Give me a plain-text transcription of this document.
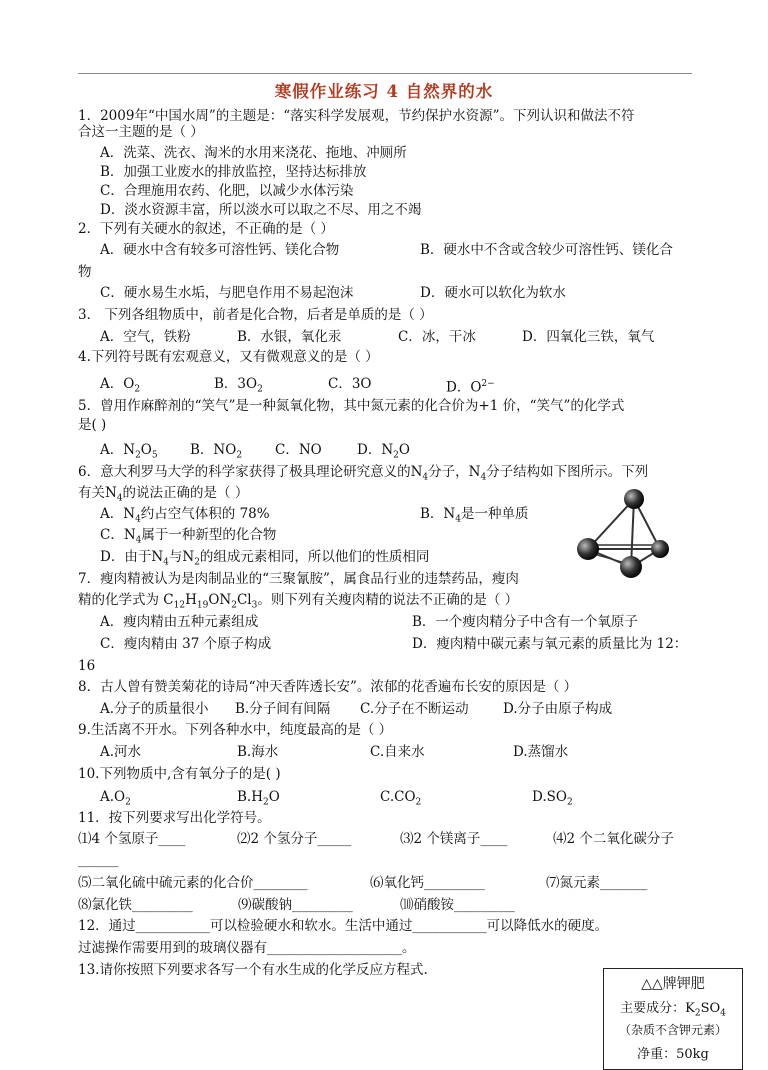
寒假作业练习 4 自然界的水
1．2009年“中国水周”的主题是：“落实科学发展观，节约保护水资源”。下列认识和做法不符
合这一主题的是（ ）
A．洗菜、洗衣、淘米的水用来浇花、拖地、冲厕所
B．加强工业废水的排放监控，坚持达标排放
C．合理施用农药、化肥，以减少水体污染
D．淡水资源丰富，所以淡水可以取之不尽、用之不竭
2．下列有关硬水的叙述，不正确的是（ ）
A．硬水中含有较多可溶性钙、镁化合物	B．硬水中不含或含较少可溶性钙、镁化合
物
C．硬水易生水垢，与肥皂作用不易起泡沫	D．硬水可以软化为软水
3． 下列各组物质中，前者是化合物，后者是单质的是（ ）
A．空气，铁粉	B．水银，氧化汞	C．冰，干冰	D．四氧化三铁，氧气
4.下列符号既有宏观意义，又有微观意义的是（ ）
A．$O_2$	B．$3O_2$	C．3O	D．$O^{2-}$
5．曾用作麻醉剂的“笑气”是一种氮氧化物，其中氮元素的化合价为+1 价，“笑气”的化学式
是( )
A．$N_2O_5$ B．$NO_2$ C．NO	D．$N_2O$
6．意大利罗马大学的科学家获得了极具理论研究意义的$N_4$分子，$N_4$分子结构如下图所示。下列
有关$N_4$的说法正确的是（ ）
A．$N_4$约占空气体积的 78%	B．$N_4$是一种单质
C．$N_4$属于一种新型的化合物
D．由于$N_4$与$N_2$的组成元素相同，所以他们的性质相同
7．瘦肉精被认为是肉制品业的“三聚氰胺”，属食品行业的违禁药品，瘦肉
精的化学式为 $C_{12}H_{19}ON_2Cl_3$。则下列有关瘦肉精的说法不正确的是（ ）
A．瘦肉精由五种元素组成	B．一个瘦肉精分子中含有一个氧原子
C．瘦肉精由 37 个原子构成	D．瘦肉精中碳元素与氧元素的质量比为 12：
16
8．古人曾有赞美菊花的诗局“冲天香阵透长安”。浓郁的花香遍布长安的原因是（ ）
A.分子的质量很小 B.分子间有间隔 C.分子在不断运动	D.分子由原子构成
9.生活离不开水。下列各种水中，纯度最高的是（ ）
A.河水	B.海水	C.自来水	D.蒸馏水
10.下列物质中,含有氧分子的是( )
$A.O_2$	$B.H_2O$	$C.CO_2$	$D.SO_2$
11．按下列要求写出化学符号。
⑴4 个氢原子____	⑵2 个氢分子_____	⑶2 个镁离子____	⑷2 个二氧化碳分子
______
⑸二氧化硫中硫元素的化合价________	⑹氧化钙_________	⑺氮元素_______
⑻氯化铁_________	⑼碳酸钠_________	⑽硝酸铵_________
12．通过___________可以检验硬水和软水。生活中通过___________可以降低水的硬度。
过滤操作需要用到的玻璃仪器有____________________。
13.请你按照下列要求各写一个有水生成的化学反应方程式.
△△牌钾肥
主要成分：$K_2SO_4$
（杂质不含钾元素）
净重：50kg
